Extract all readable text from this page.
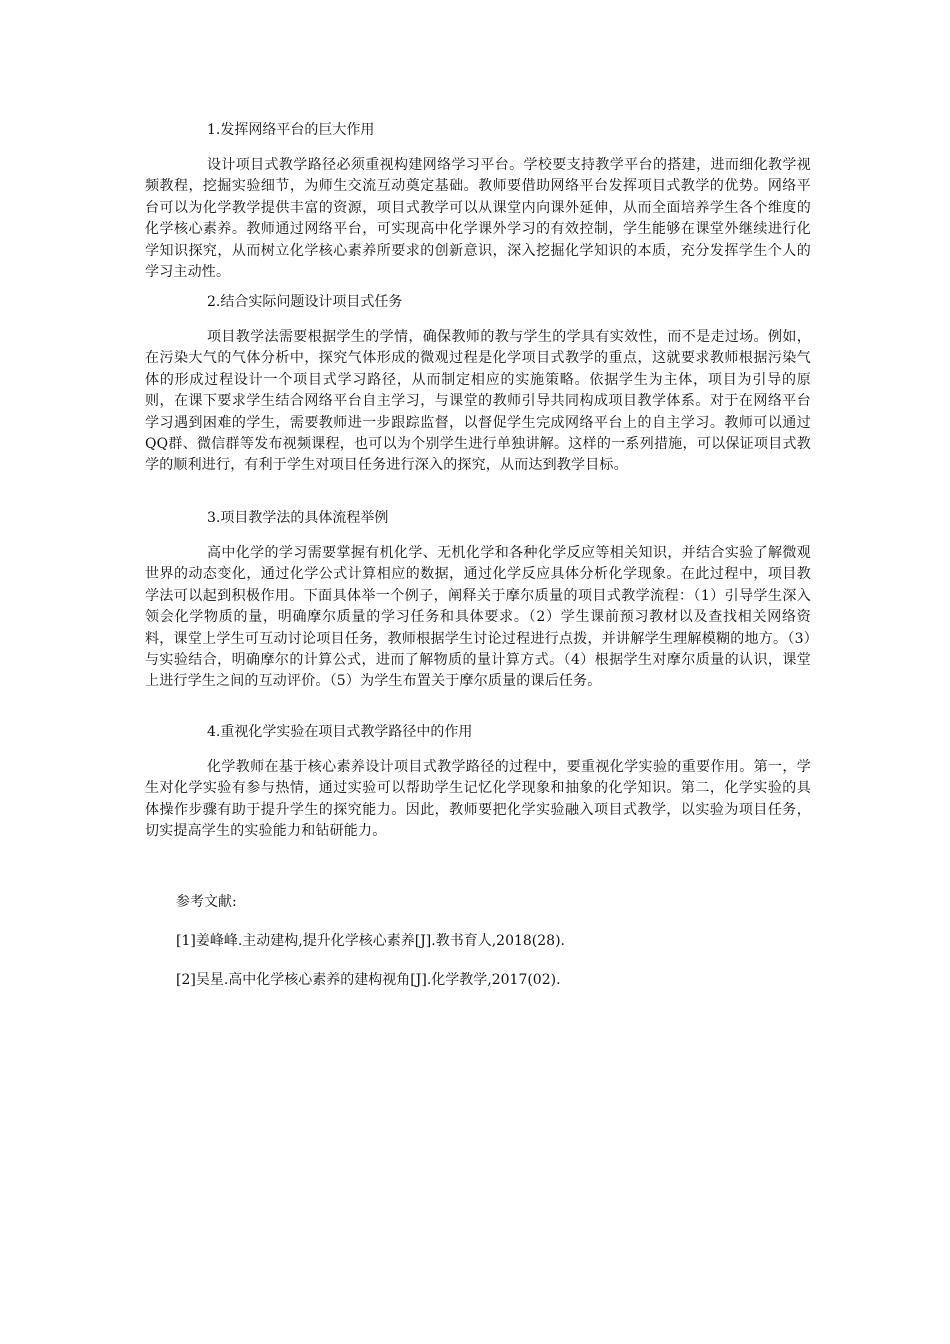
1.发挥网络平台的巨大作用

设计项目式教学路径必须重视构建网络学习平台。学校要支持教学平台的搭建，进而细化教学视频教程，挖掘实验细节，为师生交流互动奠定基础。教师要借助网络平台发挥项目式教学的优势。网络平台可以为化学教学提供丰富的资源，项目式教学可以从课堂内向课外延伸，从而全面培养学生各个维度的化学核心素养。教师通过网络平台，可实现高中化学课外学习的有效控制，学生能够在课堂外继续进行化学知识探究，从而树立化学核心素养所要求的创新意识，深入挖掘化学知识的本质，充分发挥学生个人的学习主动性。

2.结合实际问题设计项目式任务

项目教学法需要根据学生的学情，确保教师的教与学生的学具有实效性，而不是走过场。例如，在污染大气的气体分析中，探究气体形成的微观过程是化学项目式教学的重点，这就要求教师根据污染气体的形成过程设计一个项目式学习路径，从而制定相应的实施策略。依据学生为主体，项目为引导的原则，在课下要求学生结合网络平台自主学习，与课堂的教师引导共同构成项目教学体系。对于在网络平台学习遇到困难的学生，需要教师进一步跟踪监督，以督促学生完成网络平台上的自主学习。教师可以通过QQ群、微信群等发布视频课程，也可以为个别学生进行单独讲解。这样的一系列措施，可以保证项目式教学的顺利进行，有利于学生对项目任务进行深入的探究，从而达到教学目标。

3.项目教学法的具体流程举例

高中化学的学习需要掌握有机化学、无机化学和各种化学反应等相关知识，并结合实验了解微观世界的动态变化，通过化学公式计算相应的数据，通过化学反应具体分析化学现象。在此过程中，项目教学法可以起到积极作用。下面具体举一个例子，阐释关于摩尔质量的项目式教学流程：（1）引导学生深入领会化学物质的量，明确摩尔质量的学习任务和具体要求。（2）学生课前预习教材以及查找相关网络资料，课堂上学生可互动讨论项目任务，教师根据学生讨论过程进行点拨，并讲解学生理解模糊的地方。（3）与实验结合，明确摩尔的计算公式，进而了解物质的量计算方式。（4）根据学生对摩尔质量的认识，课堂上进行学生之间的互动评价。（5）为学生布置关于摩尔质量的课后任务。

4.重视化学实验在项目式教学路径中的作用

化学教师在基于核心素养设计项目式教学路径的过程中，要重视化学实验的重要作用。第一，学生对化学实验有参与热情，通过实验可以帮助学生记忆化学现象和抽象的化学知识。第二，化学实验的具体操作步骤有助于提升学生的探究能力。因此，教师要把化学实验融入项目式教学，以实验为项目任务，切实提高学生的实验能力和钻研能力。

参考文献:

[1]姜峰峰.主动建构,提升化学核心素养[J].教书育人,2018(28).

[2]吴星.高中化学核心素养的建构视角[J].化学教学,2017(02).
